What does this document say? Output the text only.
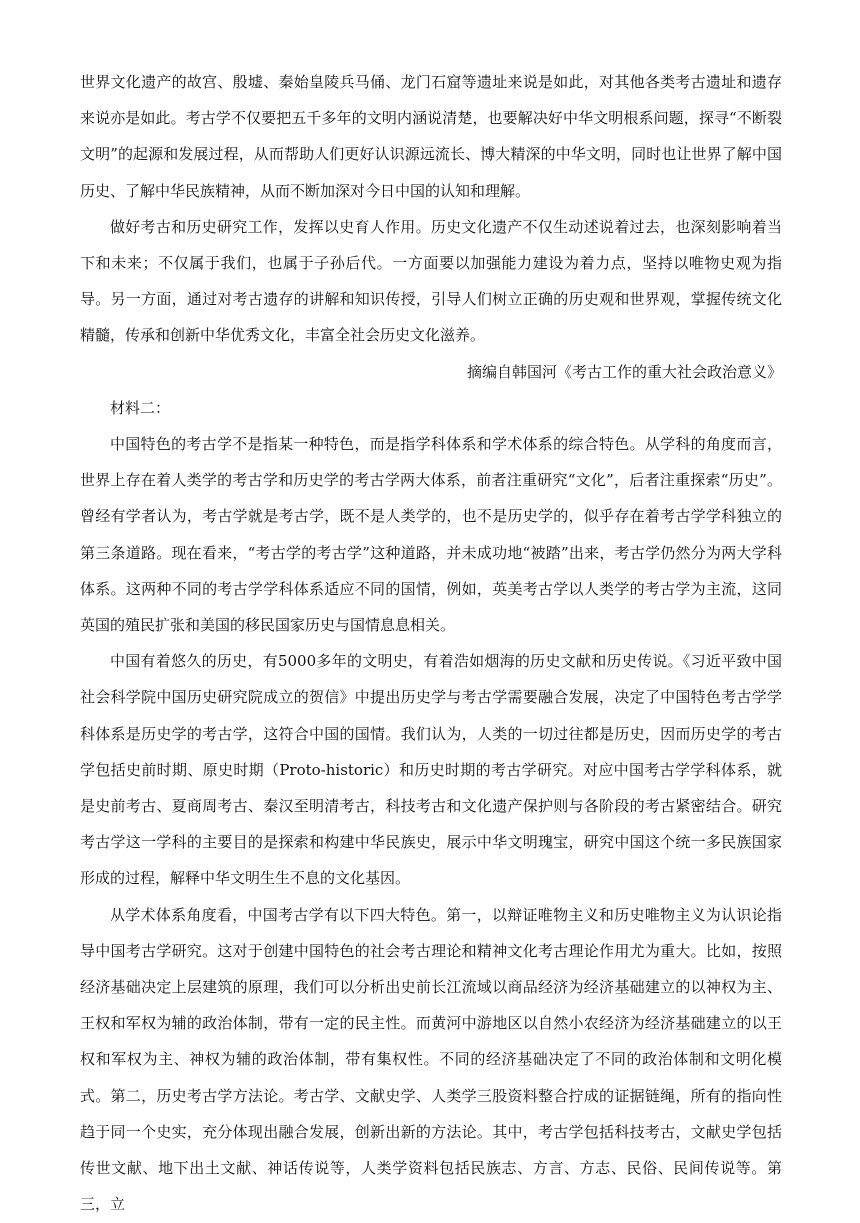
世界文化遗产的故宫、殷墟、秦始皇陵兵马俑、龙门石窟等遗址来说是如此，对其他各类考古遗址和遗存来说亦是如此。考古学不仅要把五千多年的文明内涵说清楚，也要解决好中华文明根系问题，探寻“不断裂文明”的起源和发展过程，从而帮助人们更好认识源远流长、博大精深的中华文明，同时也让世界了解中国历史、了解中华民族精神，从而不断加深对今日中国的认知和理解。

做好考古和历史研究工作，发挥以史育人作用。历史文化遗产不仅生动述说着过去，也深刻影响着当下和未来；不仅属于我们，也属于子孙后代。一方面要以加强能力建设为着力点，坚持以唯物史观为指导。另一方面，通过对考古遗存的讲解和知识传授，引导人们树立正确的历史观和世界观，掌握传统文化精髓，传承和创新中华优秀文化，丰富全社会历史文化滋养。

摘编自韩国河《考古工作的重大社会政治意义》

材料二：

中国特色的考古学不是指某一种特色，而是指学科体系和学术体系的综合特色。从学科的角度而言，世界上存在着人类学的考古学和历史学的考古学两大体系，前者注重研究“文化”，后者注重探索“历史”。曾经有学者认为，考古学就是考古学，既不是人类学的，也不是历史学的，似乎存在着考古学学科独立的第三条道路。现在看来，“考古学的考古学”这种道路，并未成功地“被踏”出来，考古学仍然分为两大学科体系。这两种不同的考古学学科体系适应不同的国情，例如，英美考古学以人类学的考古学为主流，这同英国的殖民扩张和美国的移民国家历史与国情息息相关。

中国有着悠久的历史，有5000多年的文明史，有着浩如烟海的历史文献和历史传说。《习近平致中国社会科学院中国历史研究院成立的贺信》中提出历史学与考古学需要融合发展，决定了中国特色考古学学科体系是历史学的考古学，这符合中国的国情。我们认为，人类的一切过往都是历史，因而历史学的考古学包括史前时期、原史时期（Proto-historic）和历史时期的考古学研究。对应中国考古学学科体系，就是史前考古、夏商周考古、秦汉至明清考古，科技考古和文化遗产保护则与各阶段的考古紧密结合。研究考古学这一学科的主要目的是探索和构建中华民族史，展示中华文明瑰宝，研究中国这个统一多民族国家形成的过程，解释中华文明生生不息的文化基因。

从学术体系角度看，中国考古学有以下四大特色。第一，以辩证唯物主义和历史唯物主义为认识论指导中国考古学研究。这对于创建中国特色的社会考古理论和精神文化考古理论作用尤为重大。比如，按照经济基础决定上层建筑的原理，我们可以分析出史前长江流域以商品经济为经济基础建立的以神权为主、王权和军权为辅的政治体制，带有一定的民主性。而黄河中游地区以自然小农经济为经济基础建立的以王权和军权为主、神权为辅的政治体制，带有集权性。不同的经济基础决定了不同的政治体制和文明化模式。第二，历史考古学方法论。考古学、文献史学、人类学三股资料整合拧成的证据链绳，所有的指向性趋于同一个史实，充分体现出融合发展，创新出新的方法论。其中，考古学包括科技考古，文献史学包括传世文献、地下出土文献、神话传说等，人类学资料包括民族志、方言、方志、民俗、民间传说等。第三，立
